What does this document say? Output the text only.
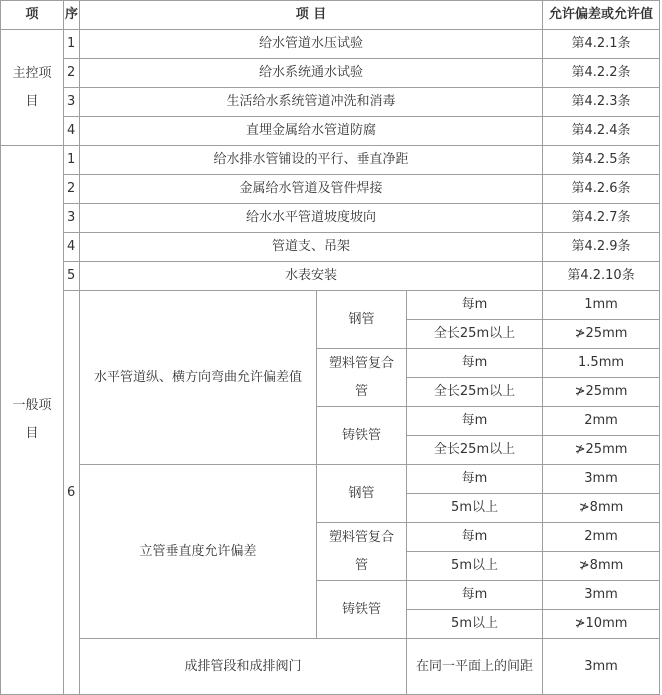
项	序	项 目			允许偏差或允许值

主控项目	1	给水管道水压试验			第4.2.1条
	2	给水系统通水试验			第4.2.2条
	3	生活给水系统管道冲洗和消毒			第4.2.3条
	4	直埋金属给水管道防腐			第4.2.4条

一般项目	1	给水排水管铺设的平行、垂直净距			第4.2.5条
	2	金属给水管道及管件焊接			第4.2.6条
	3	给水水平管道坡度坡向			第4.2.7条
	4	管道支、吊架			第4.2.9条
	5	水表安装			第4.2.10条
	6	水平管道纵、横方向弯曲允许偏差值	钢管	每m	1mm
				全长25m以上	≯25mm

			塑料管复合管	每m	1.5mm
				全长25m以上	≯25mm
			铸铁管	每m	2mm
				全长25m以上	≯25mm
		立管垂直度允许偏差	钢管	每m	3mm
				5m以上	≯8mm

			塑料管复合管	每m	2mm
				5m以上	≯8mm
			铸铁管	每m	3mm
				5m以上	≯10mm
		成排管段和成排阀门		在同一平面上的间距	3mm
